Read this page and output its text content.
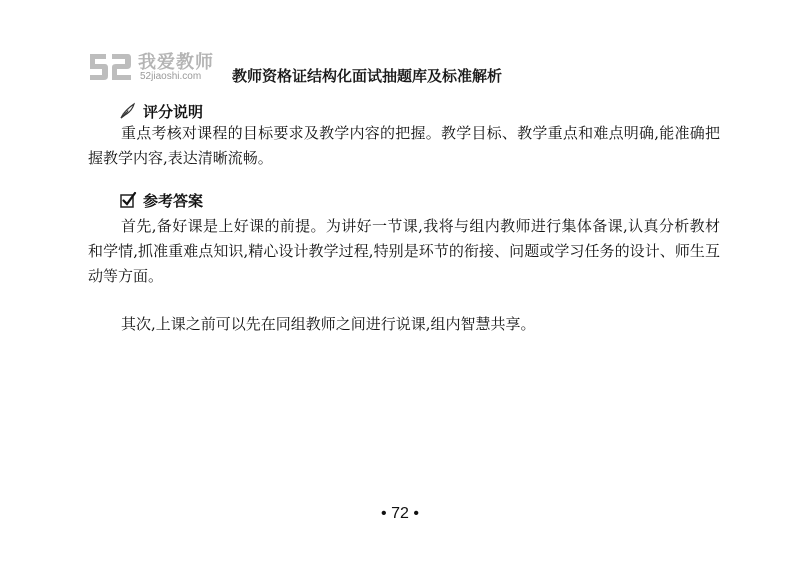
我爱教师
52jiaoshi.com 教师资格证结构化面试抽题库及标准解析
评分说明

重点考核对课程的目标要求及教学内容的把握。教学目标、教学重点和难点明确,能准确把握教学内容,表达清晰流畅。

参考答案

首先,备好课是上好课的前提。为讲好一节课,我将与组内教师进行集体备课,认真分析教材和学情,抓准重难点知识,精心设计教学过程,特别是环节的衔接、问题或学习任务的设计、师生互动等方面。

其次,上课之前可以先在同组教师之间进行说课,组内智慧共享。

• 72 •
